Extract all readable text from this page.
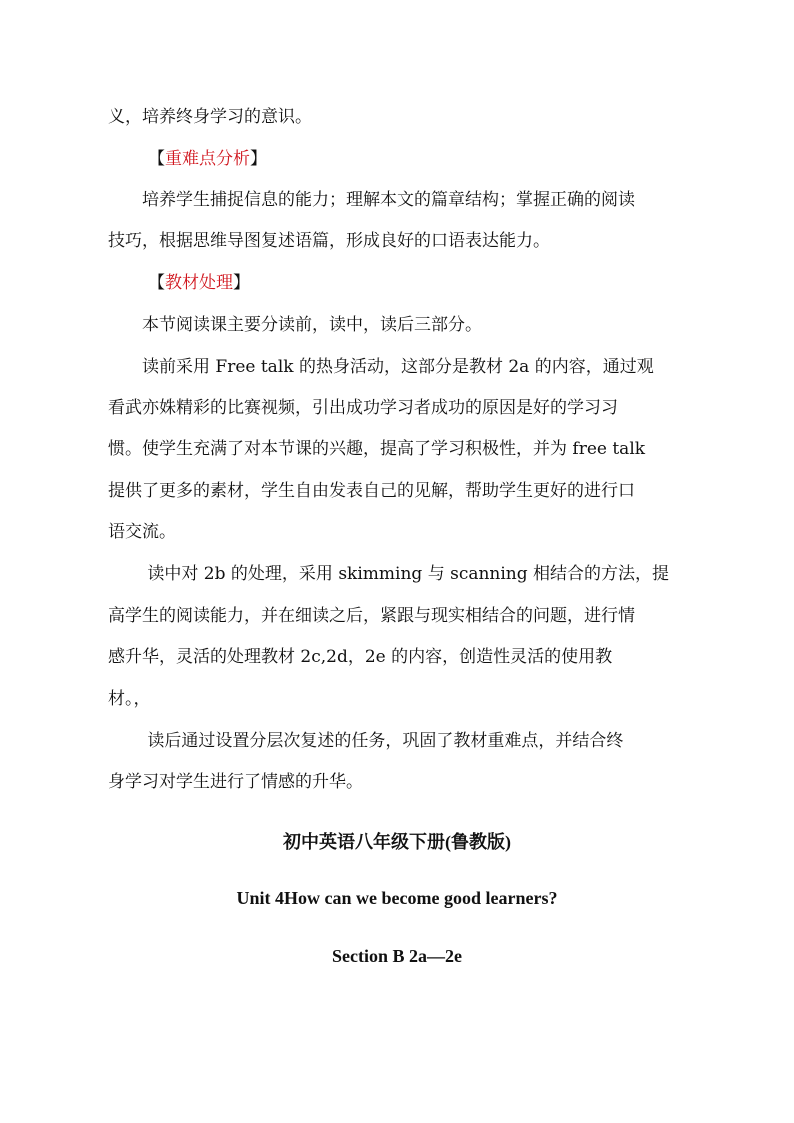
义，培养终身学习的意识。
【重难点分析】
　　培养学生捕捉信息的能力；理解本文的篇章结构；掌握正确的阅读
技巧，根据思维导图复述语篇，形成良好的口语表达能力。
【教材处理】
　　本节阅读课主要分读前，读中，读后三部分。
　　读前采用 Free talk 的热身活动，这部分是教材 2a 的内容，通过观
看武亦姝精彩的比赛视频，引出成功学习者成功的原因是好的学习习
惯。使学生充满了对本节课的兴趣，提高了学习积极性，并为 free talk
提供了更多的素材，学生自由发表自己的见解，帮助学生更好的进行口
语交流。
　　 读中对 2b 的处理，采用 skimming 与 scanning 相结合的方法，提
高学生的阅读能力，并在细读之后，紧跟与现实相结合的问题，进行情
感升华，灵活的处理教材 2c,2d，2e 的内容，创造性灵活的使用教
材。，
　　 读后通过设置分层次复述的任务，巩固了教材重难点，并结合终
身学习对学生进行了情感的升华。
初中英语八年级下册(鲁教版)
Unit 4How can we become good learners?
Section B 2a—2e
